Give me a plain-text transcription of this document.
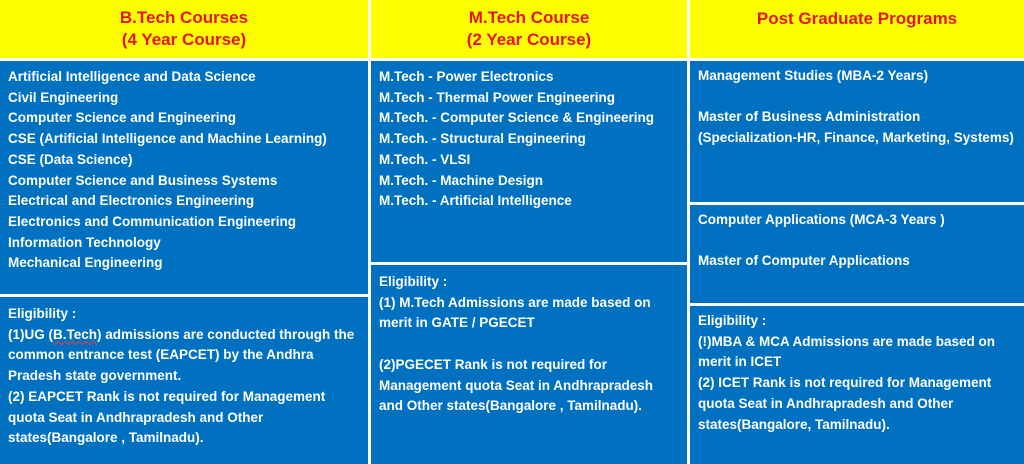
B.Tech Courses
(4 Year Course)
Artificial Intelligence and Data Science
Civil Engineering
Computer Science and Engineering
CSE (Artificial Intelligence and Machine Learning)
CSE (Data Science)
Computer Science and Business Systems
Electrical and Electronics Engineering
Electronics and Communication Engineering
Information Technology
Mechanical Engineering

Eligibility :

(1)UG (B.Tech) admissions are conducted through the common entrance test (EAPCET) by the Andhra Pradesh state government.

(2) EAPCET Rank is not required for Management quota Seat in Andhrapradesh and Other states(Bangalore , Tamilnadu).

M.Tech Course
(2 Year Course)
M.Tech - Power Electronics
M.Tech - Thermal Power Engineering
M.Tech. - Computer Science & Engineering
M.Tech. - Structural Engineering
M.Tech. - VLSI
M.Tech. - Machine Design
M.Tech. - Artificial Intelligence

Eligibility :

(1) M.Tech Admissions are made based on merit in GATE / PGECET

(2)PGECET Rank is not required for Management quota Seat in Andhrapradesh and Other states(Bangalore , Tamilnadu).

Post Graduate Programs

Management Studies (MBA-2 Years)

Master of Business Administration (Specialization-HR, Finance, Marketing, Systems)

Computer Applications (MCA-3 Years )

Master of Computer Applications

Eligibility :

(!)MBA & MCA Admissions are made based on merit in ICET

(2) ICET Rank is not required for Management quota Seat in Andhrapradesh and Other states(Bangalore, Tamilnadu).
